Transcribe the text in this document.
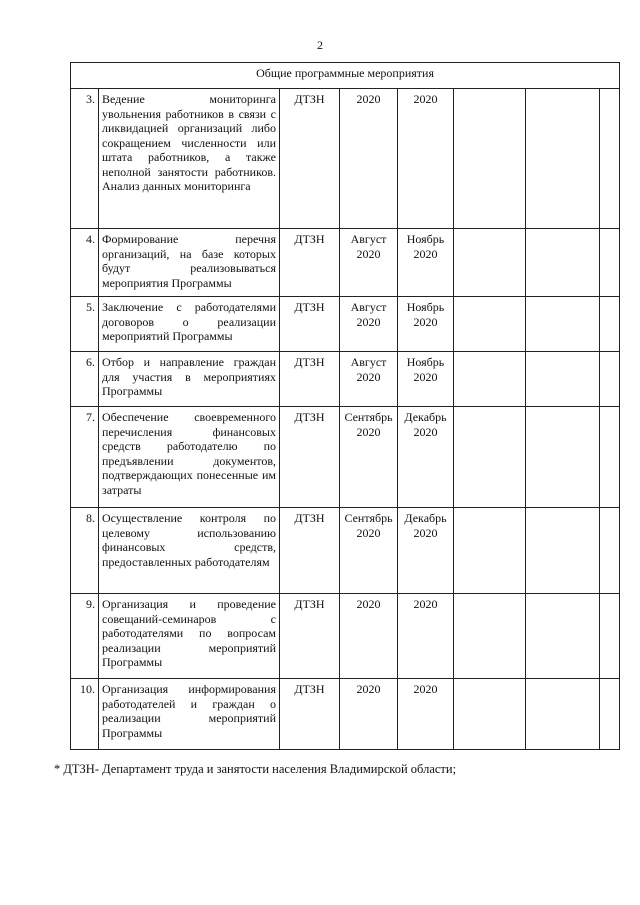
2
Общие программные мероприятия							
3.	Ведение мониторинга увольнения работников в связи с ликвидацией организаций либо сокращением численности или штата работников, а также неполной занятости работников. Анализ данных мониторинга	ДТЗН	2020	2020			
4.	Формирование перечня организаций, на базе которых будут реализовываться мероприятия Программы	ДТЗН	Август 2020	Ноябрь 2020			
5.	Заключение с работодателями договоров о реализации мероприятий Программы	ДТЗН	Август 2020	Ноябрь 2020			
6.	Отбор и направление граждан для участия в мероприятиях Программы	ДТЗН	Август 2020	Ноябрь 2020			
7.	Обеспечение своевременного перечисления финансовых средств работодателю по предъявлении документов, подтверждающих понесенные им затраты	ДТЗН	Сентябрь 2020	Декабрь 2020			
8.	Осуществление контроля по целевому использованию финансовых средств, предоставленных работодателям	ДТЗН	Сентябрь 2020	Декабрь 2020			
9.	Организация и проведение совещаний-семинаров с работодателями по вопросам реализации мероприятий Программы	ДТЗН	2020	2020			
10.	Организация информирования работодателей и граждан о реализации мероприятий Программы	ДТЗН	2020	2020			
* ДТЗН- Департамент труда и занятости населения Владимирской области;
